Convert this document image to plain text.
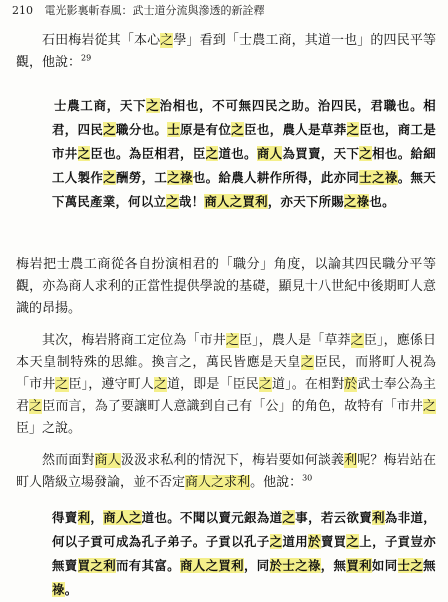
210 電光影裏斬春風：武士道分流與滲透的新詮釋
石田梅岩從其「本心之學」看到「士農工商，其道一也」的四民平等觀，他說：$^{29}$
士農工商，天下之治相也，不可無四民之助。治四民，君職也。相君，四民之職分也。士原是有位之臣也，農人是草莽之臣也，商工是市井之臣也。為臣相君，臣之道也。商人為買賣，天下之相也。給細工人製作之酬勞，工之祿也。給農人耕作所得，此亦同士之祿。無天下萬民產業，何以立之哉！商人之買利，亦天下所賜之祿也。
梅岩把士農工商從各自扮演相君的「職分」角度，以論其四民職分平等觀，亦為商人求利的正當性提供學說的基礎，顯見十八世紀中後期町人意識的昂揚。
其次，梅岩將商工定位為「市井之臣」，農人是「草莽之臣」，應係日本天皇制特殊的思維。換言之，萬民皆應是天皇之臣民，而將町人視為「市井之臣」，遵守町人之道，即是「臣民之道」。在相對於武士奉公為主君之臣而言，為了要讓町人意識到自己有「公」的角色，故特有「市井之臣」之說。
然而面對商人汲汲求私利的情況下，梅岩要如何談義利呢？梅岩站在町人階級立場發論，並不否定商人之求利。他說：$^{30}$
得賣利，商人之道也。不聞以賣元銀為道之事，若云欲賣利為非道，何以子貢可成為孔子弟子。子貢以孔子之道用於賣買之上，子貢豈亦無賣買之利而有其富。商人之買利，同於士之祿，無買利如同士之無祿。
